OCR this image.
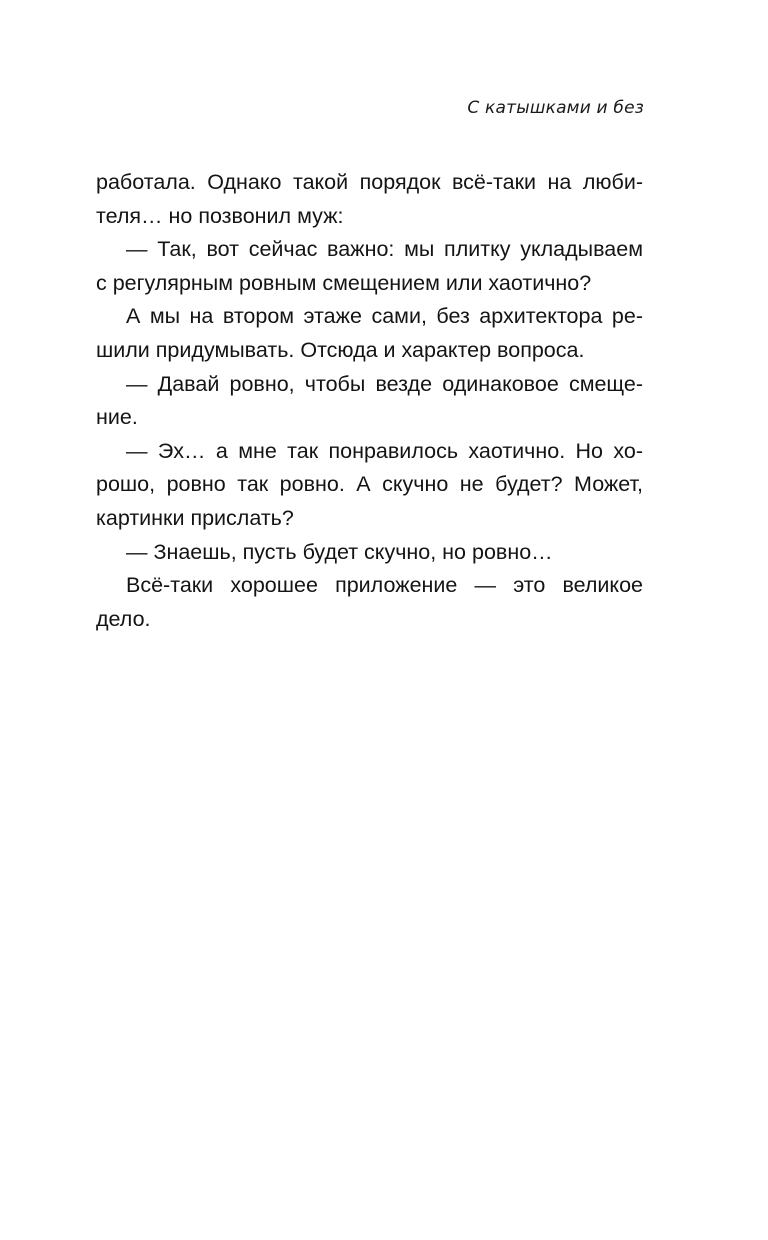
С катышками и без
работала. Однако такой порядок всё-таки на люби-
теля… но позвонил муж:
— Так, вот сейчас важно: мы плитку укладываем
с регулярным ровным смещением или хаотично?
А мы на втором этаже сами, без архитектора ре-
шили придумывать. Отсюда и характер вопроса.
— Давай ровно, чтобы везде одинаковое смеще-
ние.
— Эх… а мне так понравилось хаотично. Но хо-
рошо, ровно так ровно. А скучно не будет? Может,
картинки прислать?
— Знаешь, пусть будет скучно, но ровно…
Всё-таки хорошее приложение — это великое
дело.
